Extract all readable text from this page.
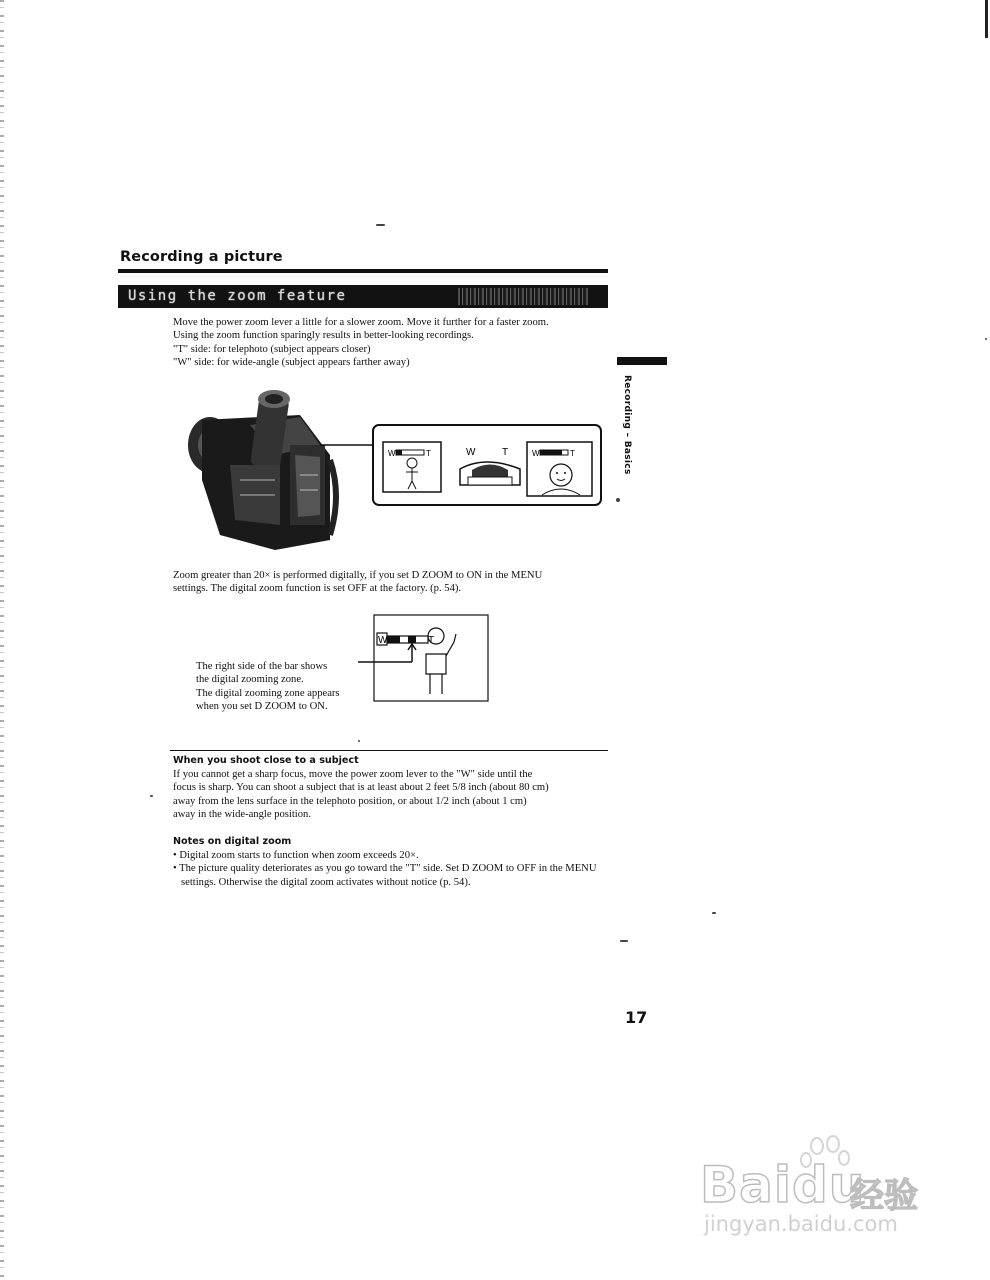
Recording a picture
Using the zoom feature
Recording – Basics
Move the power zoom lever a little for a slower zoom. Move it further for a faster zoom.
Using the zoom function sparingly results in better-looking recordings.
"T" side: for telephoto (subject appears closer)
"W" side: for wide-angle (subject appears farther away)
W	T	W	T	W	T
Zoom greater than 20× is performed digitally, if you set D ZOOM to ON in the MENU
settings. The digital zoom function is set OFF at the factory. (p. 54).
W	T
The right side of the bar shows
the digital zooming zone.
The digital zooming zone appears
when you set D ZOOM to ON.
When you shoot close to a subject
If you cannot get a sharp focus, move the power zoom lever to the "W" side until the
focus is sharp. You can shoot a subject that is at least about 2 feet 5/8 inch (about 80 cm)
away from the lens surface in the telephoto position, or about 1/2 inch (about 1 cm)
away in the wide-angle position.
Notes on digital zoom
• Digital zoom starts to function when zoom exceeds 20×.
• The picture quality deteriorates as you go toward the "T" side. Set D ZOOM to OFF in the MENU settings. Otherwise the digital zoom activates without notice (p. 54).
17
Baidu
经验
jingyan.baidu.com
